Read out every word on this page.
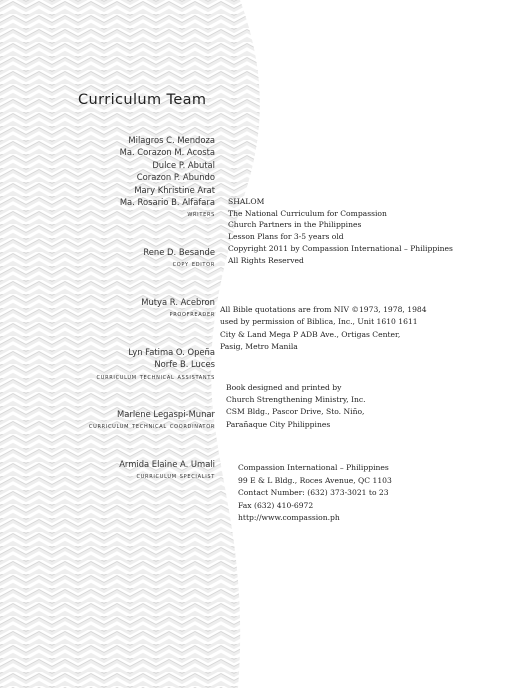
Curriculum Team
Milagros C. Mendoza
Ma. Corazon M. Acosta
Dulce P. Abutal
Corazon P. Abundo
Mary Khristine Arat
Ma. Rosario B. Alfafara
writers
Rene D. Besande
copy editor
Mutya R. Acebron
proofreader
Lyn Fatima O. Opeña
Norfe B. Luces
curriculum technical assistants
Marlene Legaspi-Munar
curriculum technical coordinator
Armida Elaine A. Umali
curriculum specialist
SHALOM
The National Curriculum for Compassion
Church Partners in the Philippines
Lesson Plans for 3-5 years old
Copyright 2011 by Compassion International – Philippines
All Rights Reserved
All Bible quotations are from NIV ©1973, 1978, 1984
used by permission of Biblica, Inc., Unit 1610 1611
City & Land Mega P ADB Ave., Ortigas Center,
Pasig, Metro Manila
Book designed and printed by
Church Strengthening Ministry, Inc.
CSM Bldg., Pascor Drive, Sto. Niño,
Parañaque City Philippines
Compassion International – Philippines
99 E & L Bldg., Roces Avenue, QC 1103
Contact Number: (632) 373-3021 to 23
Fax (632) 410-6972
http://www.compassion.ph
